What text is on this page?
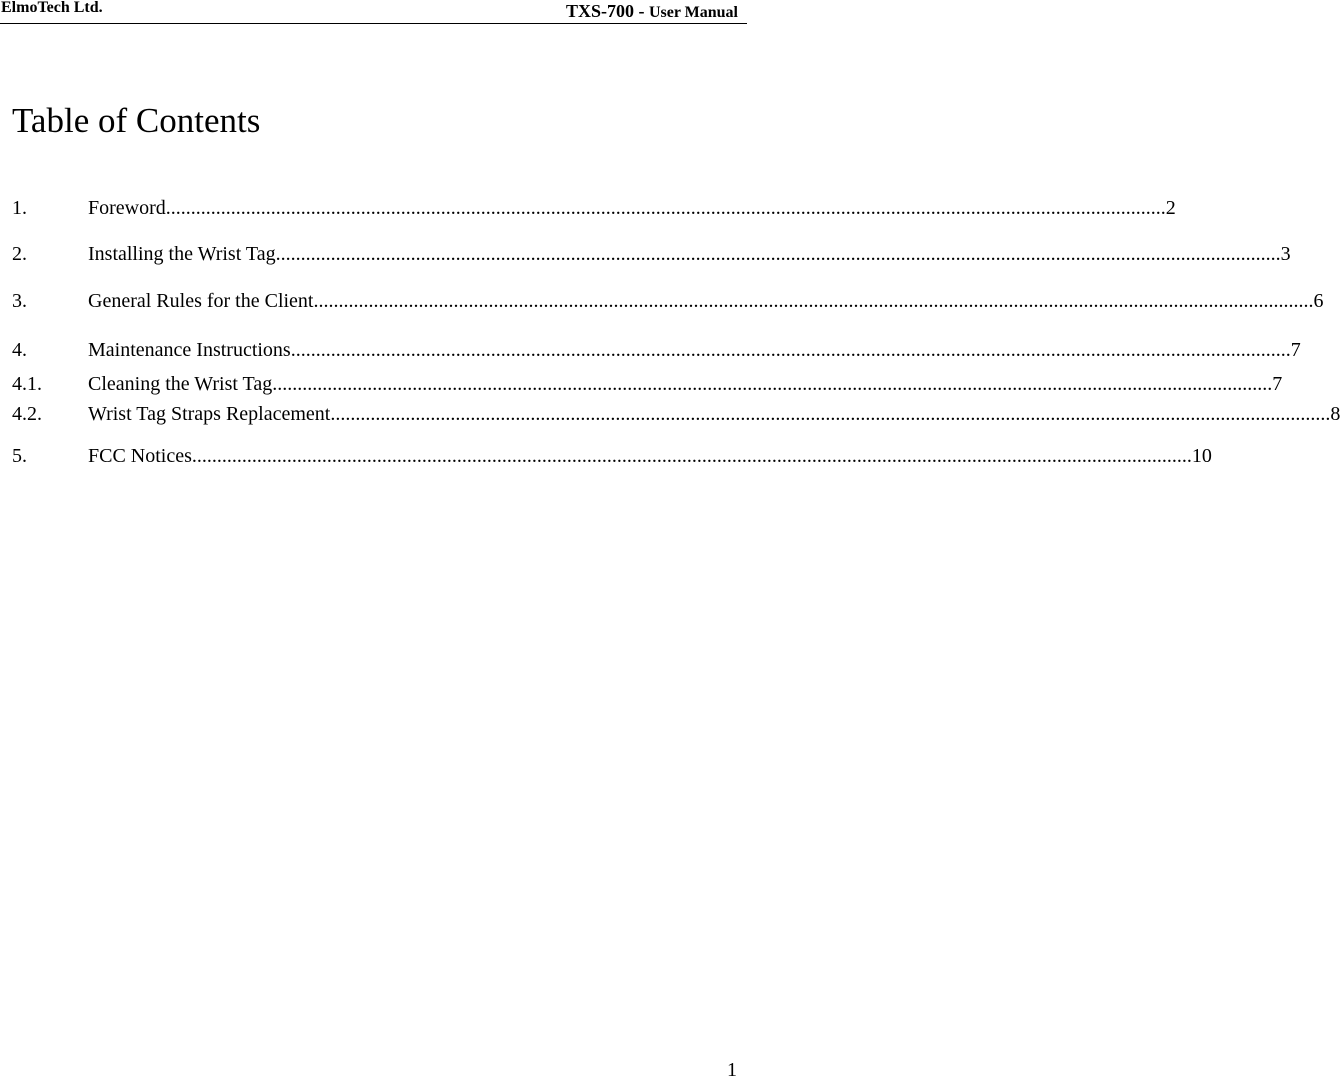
ElmoTech Ltd.	TXS-700 - User Manual
Table of Contents
1.	Foreword ........................................................................................................................................................................................................ 2
2.	Installing the Wrist Tag. ........................................................................................................................................................................................................ 3
3.	General Rules for the Client ........................................................................................................................................................................................................ 6
4.	Maintenance Instructions ........................................................................................................................................................................................................ 7
4.1.	Cleaning the Wrist Tag ........................................................................................................................................................................................................ 7
4.2.	Wrist Tag Straps Replacement ........................................................................................................................................................................................................ 8
5.	FCC Notices ........................................................................................................................................................................................................ 10
1
